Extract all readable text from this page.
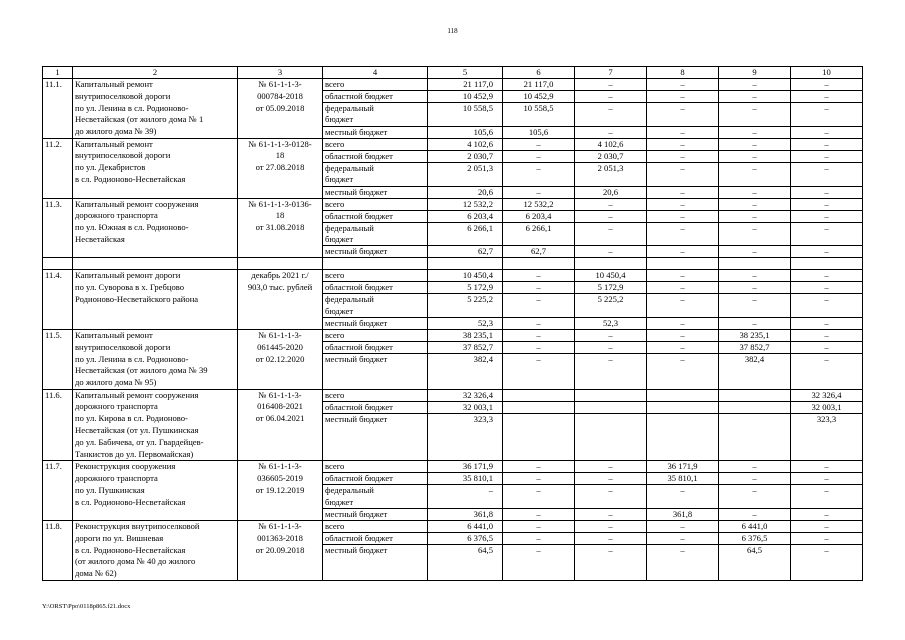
118
1	2	3	4	5	6	7	8	9	10
11.1.	Капитальный ремонт	№ 61-1-1-3-	всего	21 117,0	21 117,0	–	–	–	–
	внутрипоселковой дороги	000784-2018	областной бюджет	10 452,9	10 452,9	–	–	–	–
	по ул. Ленина в сл. Родионово-	от 05.09.2018	федеральный	10 558,5	10 558,5	–	–	–	–
	Несветайская (от жилого дома № 1		бюджет						
	до жилого дома № 39)		местный бюджет	105,6	105,6	–	–	–	–
11.2.	Капитальный ремонт	№ 61-1-1-3-0128-	всего	4 102,6	–	4 102,6	–	–	–
	внутрипоселковой дороги	18	областной бюджет	2 030,7	–	2 030,7	–	–	–
	по ул. Декабристов	от 27.08.2018	федеральный	2 051,3	–	2 051,3	–	–	–
	в сл. Родионово-Несветайская		бюджет						
			местный бюджет	20,6	–	20,6	–	–	–
11.3.	Капитальный ремонт сооружения	№ 61-1-1-3-0136-	всего	12 532,2	12 532,2	–	–	–	–
	дорожного транспорта	18	областной бюджет	6 203,4	6 203,4	–	–	–	–
	по ул. Южная в сл. Родионово-	от 31.08.2018	федеральный	6 266,1	6 266,1	–	–	–	–
	Несветайская		бюджет						
			местный бюджет	62,7	62,7	–	–	–	–

11.4.	Капитальный ремонт дороги	декабрь 2021 г./	всего	10 450,4	–	10 450,4	–	–	–
	по ул. Суворова в х. Гребцово	903,0 тыс. рублей	областной бюджет	5 172,9	–	5 172,9	–	–	–
	Родионово-Несветайского района		федеральный	5 225,2	–	5 225,2	–	–	–
			бюджет						
			местный бюджет	52,3	–	52,3	–	–	–
11.5.	Капитальный ремонт	№ 61-1-1-3-	всего	38 235,1	–	–	–	38 235,1	–
	внутрипоселковой дороги	061445-2020	областной бюджет	37 852,7	–	–	–	37 852,7	–
	по ул. Ленина в сл. Родионово-	от 02.12.2020	местный бюджет	382,4	–	–	–	382,4	–
	Несветайская (от жилого дома № 39								
	до жилого дома № 95)								
11.6.	Капитальный ремонт сооружения	№ 61-1-1-3-	всего	32 326,4					32 326,4
	дорожного транспорта	016408-2021	областной бюджет	32 003,1					32 003,1
	по ул. Кирова в сл. Родионово-	от 06.04.2021	местный бюджет	323,3					323,3
	Несветайская (от ул. Пушкинская								
	до ул. Бабичева, от ул. Гвардейцев-								
	Танкистов до ул. Первомайская)								
11.7.	Реконструкция сооружения	№ 61-1-1-3-	всего	36 171,9	–	–	36 171,9	–	–
	дорожного транспорта	036605-2019	областной бюджет	35 810,1	–	–	35 810,1	–	–
	по ул. Пушкинская	от 19.12.2019	федеральный	–	–	–	–	–	–
	в сл. Родионово-Несветайская		бюджет						
			местный бюджет	361,8	–	–	361,8	–	–
11.8.	Реконструкция внутрипоселковой	№ 61-1-1-3-	всего	6 441,0	–	–	–	6 441,0	–
	дороги по ул. Вишневая	001363-2018	областной бюджет	6 376,5	–	–	–	6 376,5	–
	в сл. Родионово-Несветайская	от 20.09.2018	местный бюджет	64,5	–	–	–	64,5	–
	(от жилого дома № 40 до жилого								
	дома № 62)								
Y:\ORST\Ppo\0118p865.f21.docx
